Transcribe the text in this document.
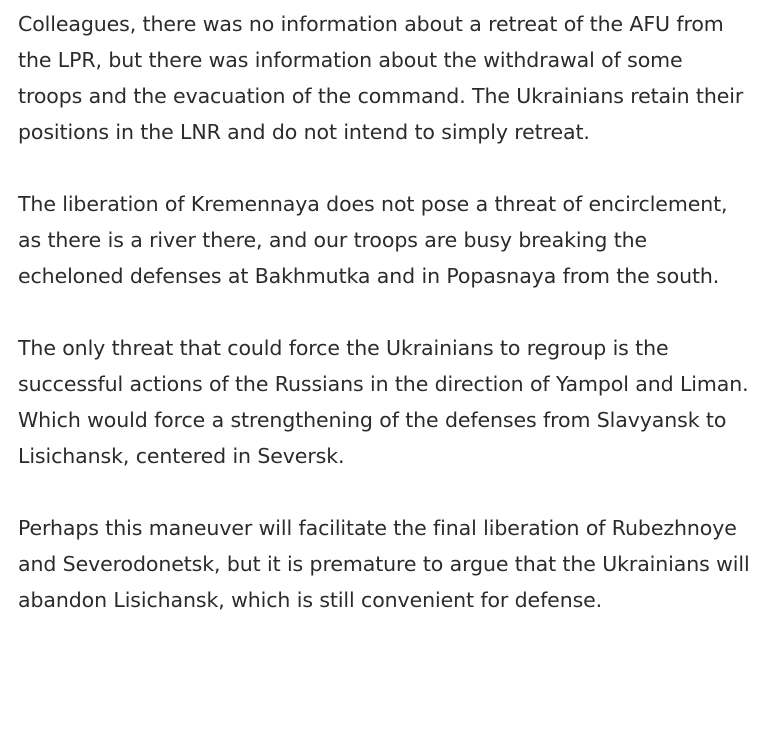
Colleagues, there was no information about a retreat of the AFU from the LPR, but there was information about the withdrawal of some troops and the evacuation of the command. The Ukrainians retain their positions in the LNR and do not intend to simply retreat.

The liberation of Kremennaya does not pose a threat of encirclement, as there is a river there, and our troops are busy breaking the echeloned defenses at Bakhmutka and in Popasnaya from the south.

The only threat that could force the Ukrainians to regroup is the successful actions of the Russians in the direction of Yampol and Liman. Which would force a strengthening of the defenses from Slavyansk to Lisichansk, centered in Seversk.

Perhaps this maneuver will facilitate the final liberation of Rubezhnoye and Severodonetsk, but it is premature to argue that the Ukrainians will abandon Lisichansk, which is still convenient for defense.
